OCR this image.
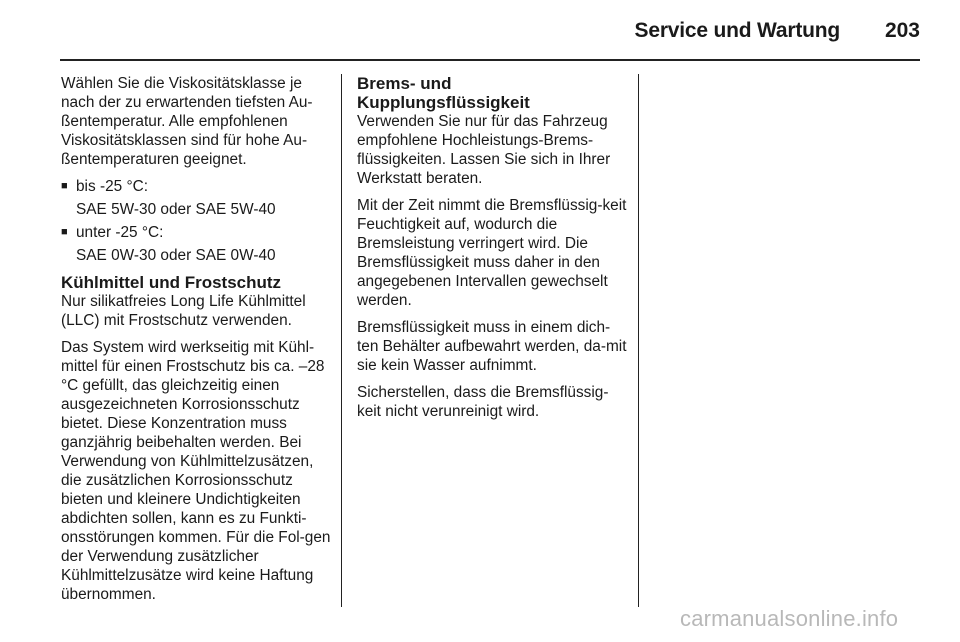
Service und Wartung 203

Wählen Sie die Viskositätsklasse je nach der zu erwartenden tiefsten Au-ßentemperatur. Alle empfohlenen Viskositätsklassen sind für hohe Au-ßentemperaturen geeignet.

■ bis -25 °C:
SAE 5W-30 oder SAE 5W-40
■ unter -25 °C:
SAE 0W-30 oder SAE 0W-40
Kühlmittel und Frostschutz

Nur silikatfreies Long Life Kühlmittel (LLC) mit Frostschutz verwenden.

Das System wird werkseitig mit Kühl-mittel für einen Frostschutz bis ca. –28 °C gefüllt, das gleichzeitig einen ausgezeichneten Korrosionsschutz bietet. Diese Konzentration muss ganzjährig beibehalten werden. Bei Verwendung von Kühlmittelzusätzen, die zusätzlichen Korrosionsschutz bieten und kleinere Undichtigkeiten abdichten sollen, kann es zu Funkti-onsstörungen kommen. Für die Fol-gen der Verwendung zusätzlicher Kühlmittelzusätze wird keine Haftung übernommen.

Brems- und Kupplungsflüssigkeit

Verwenden Sie nur für das Fahrzeug empfohlene Hochleistungs-Brems-flüssigkeiten. Lassen Sie sich in Ihrer Werkstatt beraten.

Mit der Zeit nimmt die Bremsflüssig-keit Feuchtigkeit auf, wodurch die Bremsleistung verringert wird. Die Bremsflüssigkeit muss daher in den angegebenen Intervallen gewechselt werden.

Bremsflüssigkeit muss in einem dich-ten Behälter aufbewahrt werden, da-mit sie kein Wasser aufnimmt.

Sicherstellen, dass die Bremsflüssig-keit nicht verunreinigt wird.

carmanualsonline.info
